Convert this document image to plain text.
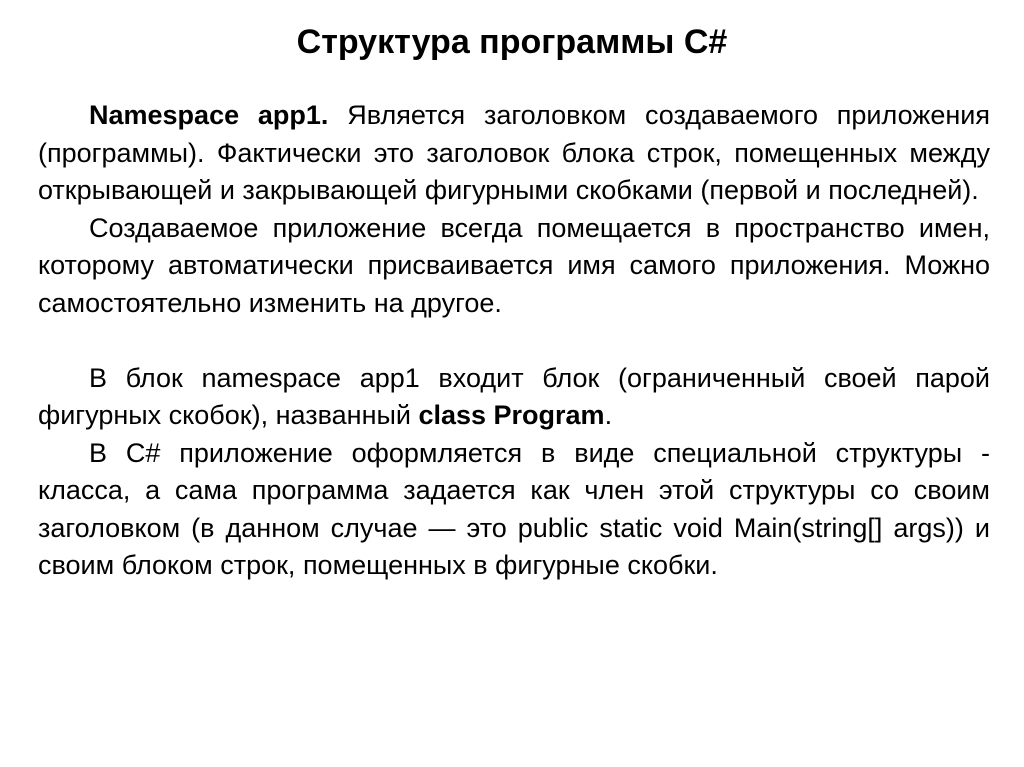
Структура программы C#

Namespace app1. Является заголовком создаваемого приложения (программы). Фактически это заголовок блока строк, помещенных между открывающей и закрывающей фигурными скобками (первой и последней).

Создаваемое приложение всегда помещается в пространство имен, которому автоматически присваивается имя самого приложения. Можно самостоятельно изменить на другое.

В блок namespace app1 входит блок (ограниченный своей парой фигурных скобок), названный class Program.

В C# приложение оформляется в виде специальной структуры - класса, а сама программа задается как член этой структуры со своим заголовком (в данном случае — это public static void Main(string[] args)) и своим блоком строк, помещенных в фигурные скобки.
